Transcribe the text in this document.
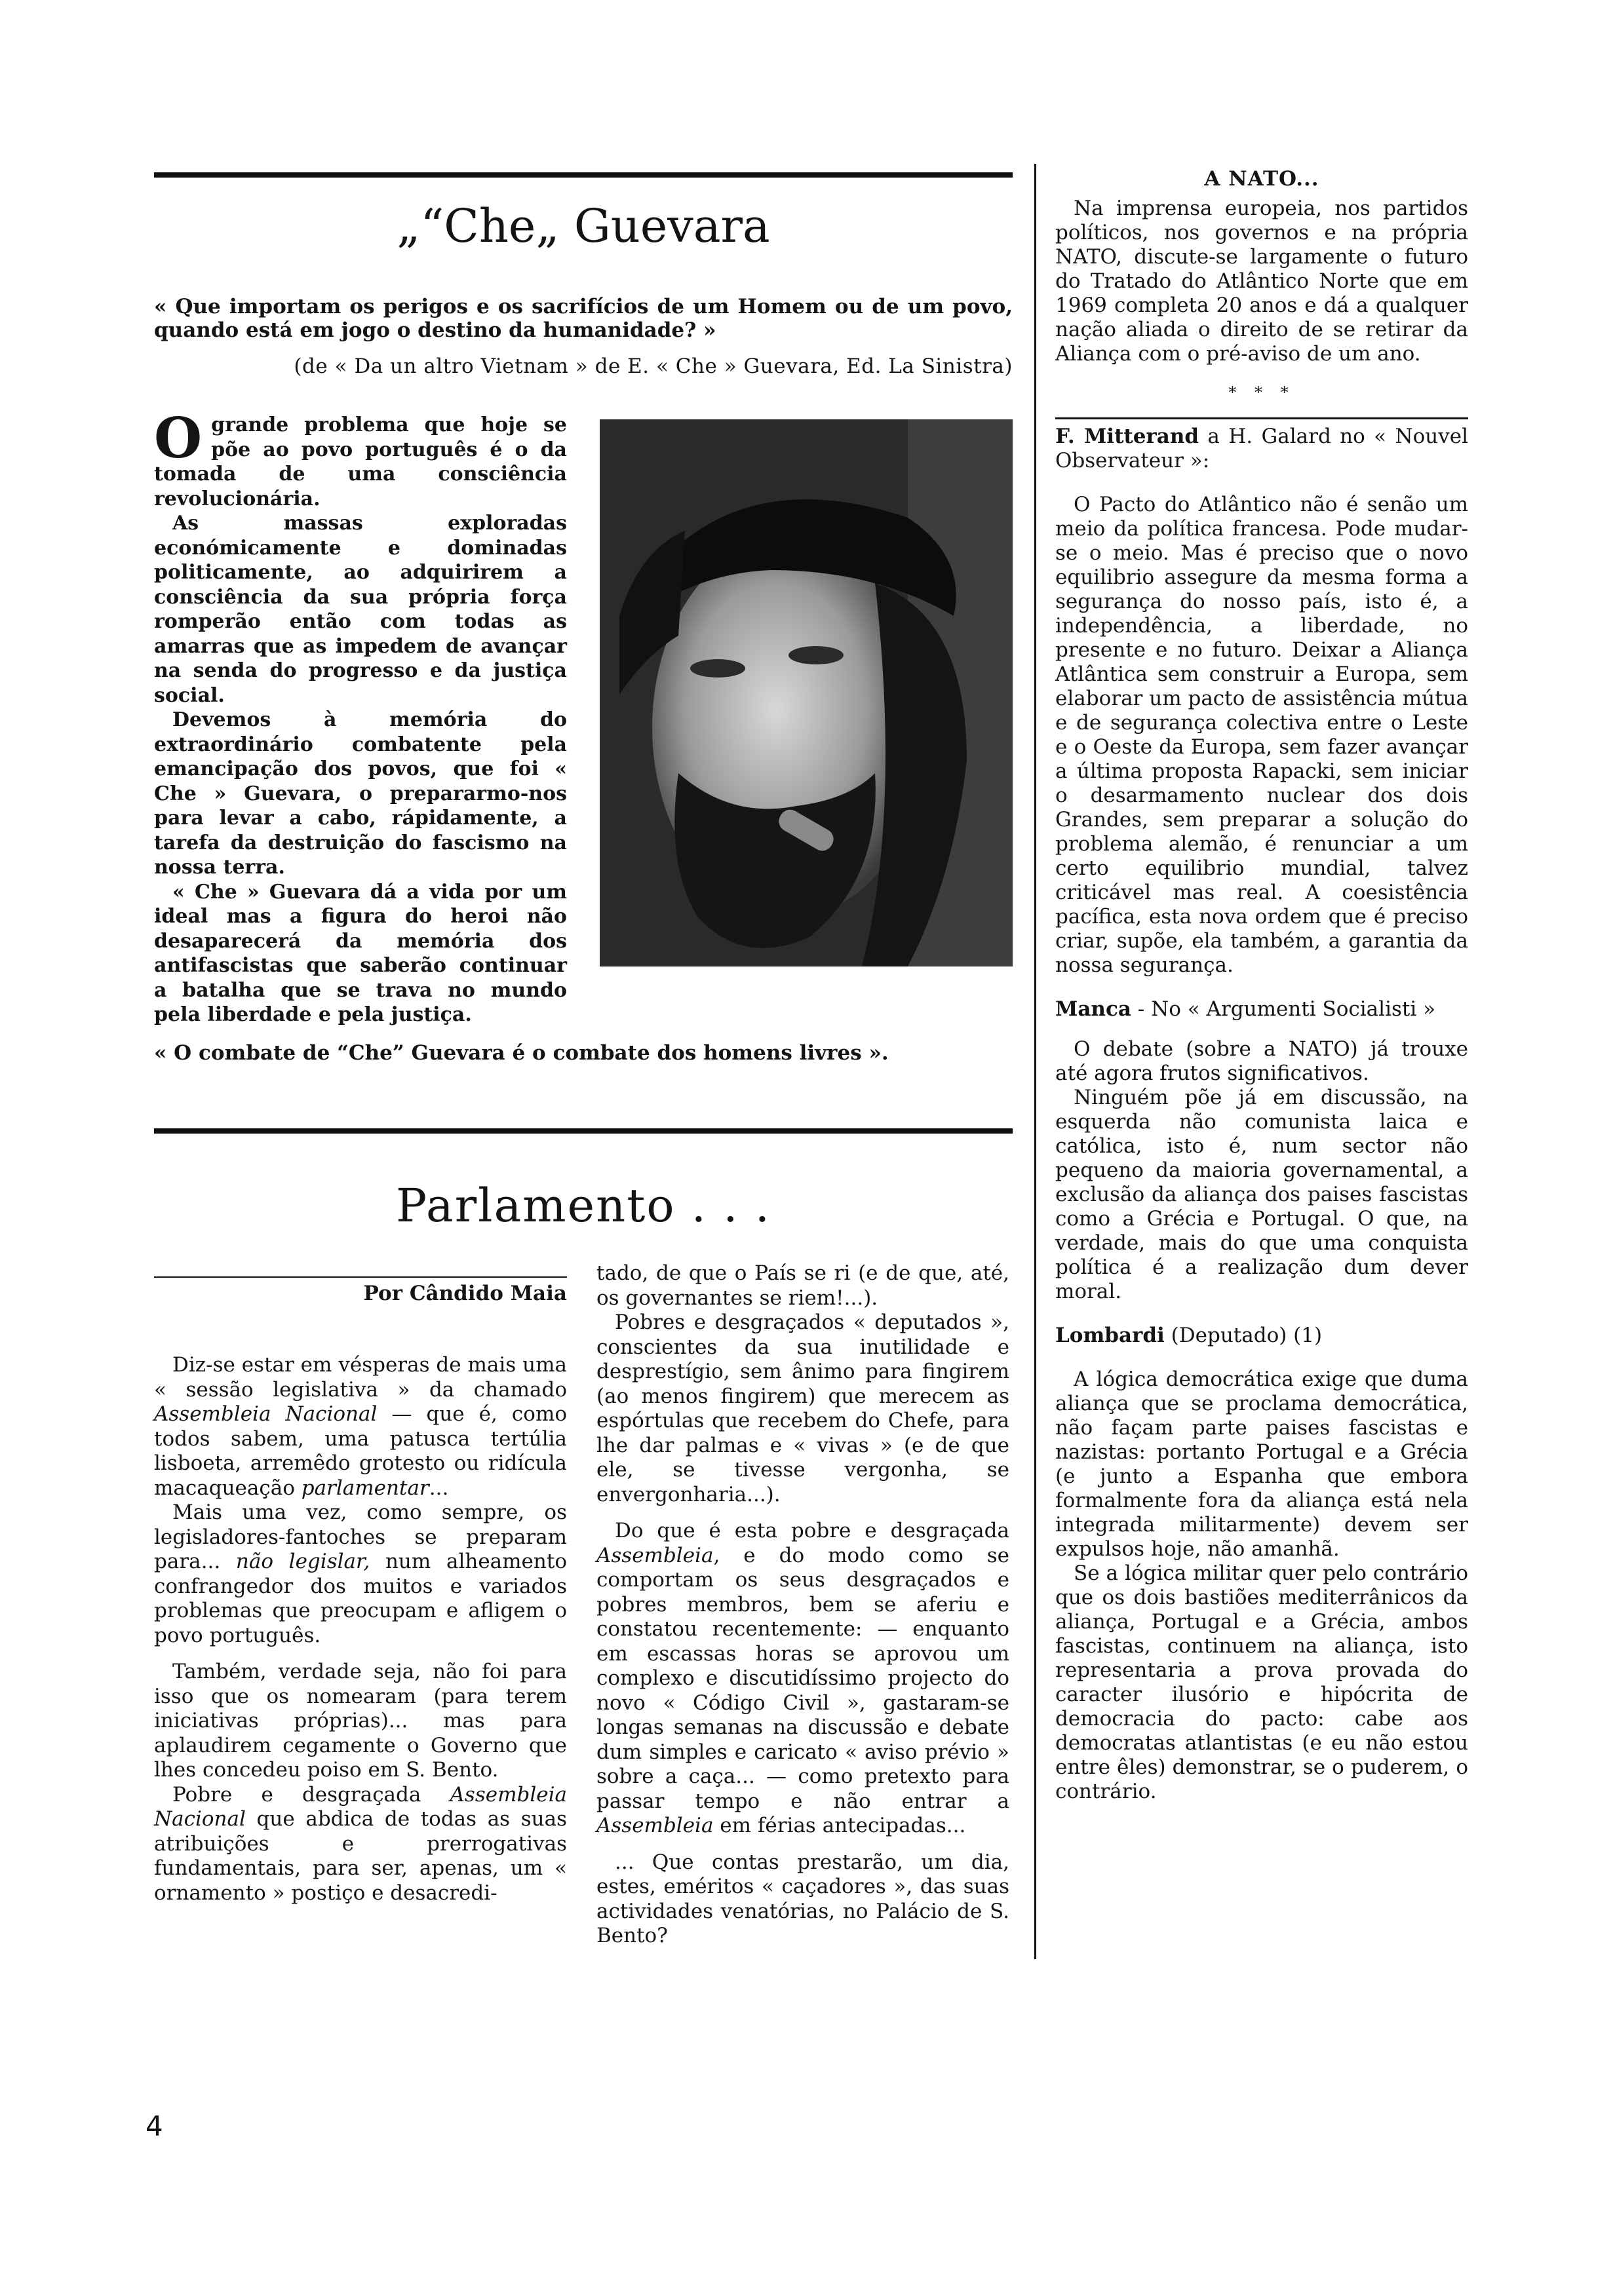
„“Che„ Guevara
« Que importam os perigos e os sacrifícios de um Homem ou de um povo, quando está em jogo o destino da humanidade? »
(de « Da un altro Vietnam » de E. « Che » Guevara, Ed. La Sinistra)

Ogrande problema que hoje se põe ao povo português é o da tomada de uma consciência revolucionária.

As massas exploradas económicamente e dominadas politicamente, ao adquirirem a consciência da sua própria força romperão então com todas as amarras que as impedem de avançar na senda do progresso e da justiça social.

Devemos à memória do extraordinário combatente pela emancipação dos povos, que foi « Che » Guevara, o prepararmo-nos para levar a cabo, rápidamente, a tarefa da destruição do fascismo na nossa terra.

« Che » Guevara dá a vida por um ideal mas a figura do heroi não desaparecerá da memória dos antifascistas que saberão continuar a batalha que se trava no mundo pela liberdade e pela justiça.

« O combate de “Che” Guevara é o combate dos homens livres ».
Parlamento . . .
Por Cândido Maia

Diz-se estar em vésperas de mais uma « sessão legislativa » da chamado Assembleia Nacional — que é, como todos sabem, uma patusca tertúlia lisboeta, arremêdo grotesto ou ridícula macaqueação parlamentar...

Mais uma vez, como sempre, os legisladores-fantoches se preparam para... não legislar, num alheamento confrangedor dos muitos e variados problemas que preocupam e afligem o povo português.

Também, verdade seja, não foi para isso que os nomearam (para terem iniciativas próprias)... mas para aplaudirem cegamente o Governo que lhes concedeu poiso em S. Bento.

Pobre e desgraçada Assembleia Nacional que abdica de todas as suas atribuições e prerrogativas fundamentais, para ser, apenas, um « ornamento » postiço e desacredi-

tado, de que o País se ri (e de que, até, os governantes se riem!...).

Pobres e desgraçados « deputados », conscientes da sua inutilidade e desprestígio, sem ânimo para fingirem (ao menos fingirem) que merecem as espórtulas que recebem do Chefe, para lhe dar palmas e « vivas » (e de que ele, se tivesse vergonha, se envergonharia...).

Do que é esta pobre e desgraçada Assembleia, e do modo como se comportam os seus desgraçados e pobres membros, bem se aferiu e constatou recentemente: — enquanto em escassas horas se aprovou um complexo e discutidíssimo projecto do novo « Código Civil », gastaram-se longas semanas na discussão e debate dum simples e caricato « aviso prévio » sobre a caça... — como pretexto para passar tempo e não entrar a Assembleia em férias antecipadas...

... Que contas prestarão, um dia, estes, eméritos « caçadores », das suas actividades venatórias, no Palácio de S. Bento?

A NATO...

Na imprensa europeia, nos partidos políticos, nos governos e na própria NATO, discute-se largamente o futuro do Tratado do Atlântico Norte que em 1969 completa 20 anos e dá a qualquer nação aliada o direito de se retirar da Aliança com o pré-aviso de um ano.

* * *

F. Mitterand a H. Galard no « Nouvel Observateur »:

O Pacto do Atlântico não é senão um meio da política francesa. Pode mudar-se o meio. Mas é preciso que o novo equilibrio assegure da mesma forma a segurança do nosso país, isto é, a independência, a liberdade, no presente e no futuro. Deixar a Aliança Atlântica sem construir a Europa, sem elaborar um pacto de assistência mútua e de segurança colectiva entre o Leste e o Oeste da Europa, sem fazer avançar a última proposta Rapacki, sem iniciar o desarmamento nuclear dos dois Grandes, sem preparar a solução do problema alemão, é renunciar a um certo equilibrio mundial, talvez criticável mas real. A coesistência pacífica, esta nova ordem que é preciso criar, supõe, ela também, a garantia da nossa segurança.

Manca - No « Argumenti Socialisti »

O debate (sobre a NATO) já trouxe até agora frutos significativos.

Ninguém põe já em discussão, na esquerda não comunista laica e católica, isto é, num sector não pequeno da maioria governamental, a exclusão da aliança dos paises fascistas como a Grécia e Portugal. O que, na verdade, mais do que uma conquista política é a realização dum dever moral.

Lombardi (Deputado) (1)

A lógica democrática exige que duma aliança que se proclama democrática, não façam parte paises fascistas e nazistas: portanto Portugal e a Grécia (e junto a Espanha que embora formalmente fora da aliança está nela integrada militarmente) devem ser expulsos hoje, não amanhã.

Se a lógica militar quer pelo contrário que os dois bastiões mediterrânicos da aliança, Portugal e a Grécia, ambos fascistas, continuem na aliança, isto representaria a prova provada do caracter ilusório e hipócrita de democracia do pacto: cabe aos democratas atlantistas (e eu não estou entre êles) demonstrar, se o puderem, o contrário.

4
